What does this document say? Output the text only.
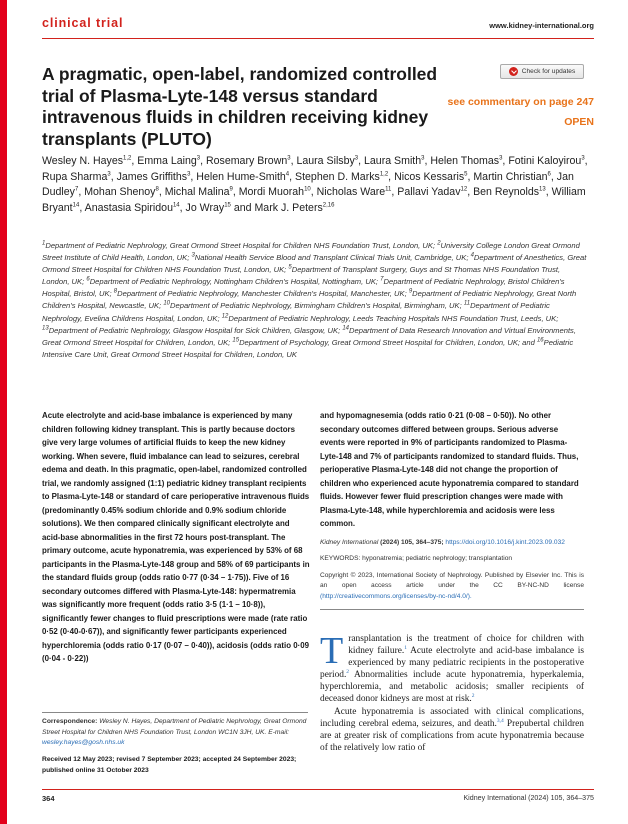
clinical trial	www.kidney-international.org
A pragmatic, open-label, randomized controlled trial of Plasma-Lyte-148 versus standard intravenous fluids in children receiving kidney transplants (PLUTO)
Check for updates
see commentary on page 247
OPEN

Wesley N. Hayes$^{1,2}$, Emma Laing$^3$, Rosemary Brown$^3$, Laura Silsby$^3$, Laura Smith$^3$, Helen Thomas$^3$, Fotini Kaloyirou$^3$, Rupa Sharma$^3$, James Griffiths$^3$, Helen Hume-Smith$^4$, Stephen D. Marks$^{1,2}$, Nicos Kessaris$^5$, Martin Christian$^6$, Jan Dudley$^7$, Mohan Shenoy$^8$, Michal Malina$^9$, Mordi Muorah$^{10}$, Nicholas Ware$^{11}$, Pallavi Yadav$^{12}$, Ben Reynolds$^{13}$, William Bryant$^{14}$, Anastasia Spiridou$^{14}$, Jo Wray$^{15}$ and Mark J. Peters$^{2,16}$

$^1$Department of Pediatric Nephrology, Great Ormond Street Hospital for Children NHS Foundation Trust, London, UK; $^2$University College London Great Ormond Street Institute of Child Health, London, UK; $^3$National Health Service Blood and Transplant Clinical Trials Unit, Cambridge, UK; $^4$Department of Anesthetics, Great Ormond Street Hospital for Children NHS Foundation Trust, London, UK; $^5$Department of Transplant Surgery, Guys and St Thomas NHS Foundation Trust, London, UK; $^6$Department of Pediatric Nephrology, Nottingham Children's Hospital, Nottingham, UK; $^7$Department of Pediatric Nephrology, Bristol Children's Hospital, Bristol, UK; $^8$Department of Pediatric Nephrology, Manchester Children's Hospital, Manchester, UK; $^9$Department of Pediatric Nephrology, Great North Children's Hospital, Newcastle, UK; $^{10}$Department of Pediatric Nephrology, Birmingham Children's Hospital, Birmingham, UK; $^{11}$Department of Pediatric Nephrology, Evelina Childrens Hospital, London, UK; $^{12}$Department of Pediatric Nephrology, Leeds Teaching Hospitals NHS Foundation Trust, Leeds, UK; $^{13}$Department of Pediatric Nephrology, Glasgow Hospital for Sick Children, Glasgow, UK; $^{14}$Department of Data Research Innovation and Virtual Environments, Great Ormond Street Hospital for Children, London, UK; $^{15}$Department of Psychology, Great Ormond Street Hospital for Children, London, UK; and $^{16}$Pediatric Intensive Care Unit, Great Ormond Street Hospital for Children, London, UK

Acute electrolyte and acid-base imbalance is experienced by many children following kidney transplant. This is partly because doctors give very large volumes of artificial fluids to keep the new kidney working. When severe, fluid imbalance can lead to seizures, cerebral edema and death. In this pragmatic, open-label, randomized controlled trial, we randomly assigned (1:1) pediatric kidney transplant recipients to Plasma-Lyte-148 or standard of care perioperative intravenous fluids (predominantly 0.45% sodium chloride and 0.9% sodium chloride solutions). We then compared clinically significant electrolyte and acid-base abnormalities in the first 72 hours post-transplant. The primary outcome, acute hyponatremia, was experienced by 53% of 68 participants in the Plasma-Lyte-148 group and 58% of 69 participants in the standard fluids group (odds ratio 0·77 (0·34 – 1·75)). Five of 16 secondary outcomes differed with Plasma-Lyte-148: hypermatremia was significantly more frequent (odds ratio 3·5 (1·1 – 10·8)), significantly fewer changes to fluid prescriptions were made (rate ratio 0·52 (0·40-0·67)), and significantly fewer participants experienced hyperchloremia (odds ratio 0·17 (0·07 – 0·40)), acidosis (odds ratio 0·09 (0·04 - 0·22))

and hypomagnesemia (odds ratio 0·21 (0·08 – 0·50)). No other secondary outcomes differed between groups. Serious adverse events were reported in 9% of participants randomized to Plasma-Lyte-148 and 7% of participants randomized to standard fluids. Thus, perioperative Plasma-Lyte-148 did not change the proportion of children who experienced acute hyponatremia compared to standard fluids. However fewer fluid prescription changes were made with Plasma-Lyte-148, while hyperchloremia and acidosis were less common.

Kidney International (2024) 105, 364–375; https://doi.org/10.1016/j.kint.2023.09.032

KEYWORDS: hyponatremia; pediatric nephrology; transplantation

Copyright © 2023, International Society of Nephrology. Published by Elsevier Inc. This is an open access article under the CC BY-NC-ND license (http://creativecommons.org/licenses/by-nc-nd/4.0/).

Transplantation is the treatment of choice for children with kidney failure.$^1$ Acute electrolyte and acid-base imbalance is experienced by many pediatric recipients in the postoperative period.$^2$ Abnormalities include acute hyponatremia, hyperkalemia, hyperchloremia, and metabolic acidosis; smaller recipients of deceased donor kidneys are most at risk.$^2$

Acute hyponatremia is associated with clinical complications, including cerebral edema, seizures, and death.$^{3,4}$ Prepubertal children are at greater risk of complications from acute hyponatremia because of the relatively low ratio of

Correspondence: Wesley N. Hayes, Department of Pediatric Nephrology, Great Ormond Street Hospital for Children NHS Foundation Trust, London WC1N 3JH, UK. E-mail: wesley.hayes@gosh.nhs.uk

Received 12 May 2023; revised 7 September 2023; accepted 24 September 2023; published online 31 October 2023

364	Kidney International (2024) 105, 364–375
